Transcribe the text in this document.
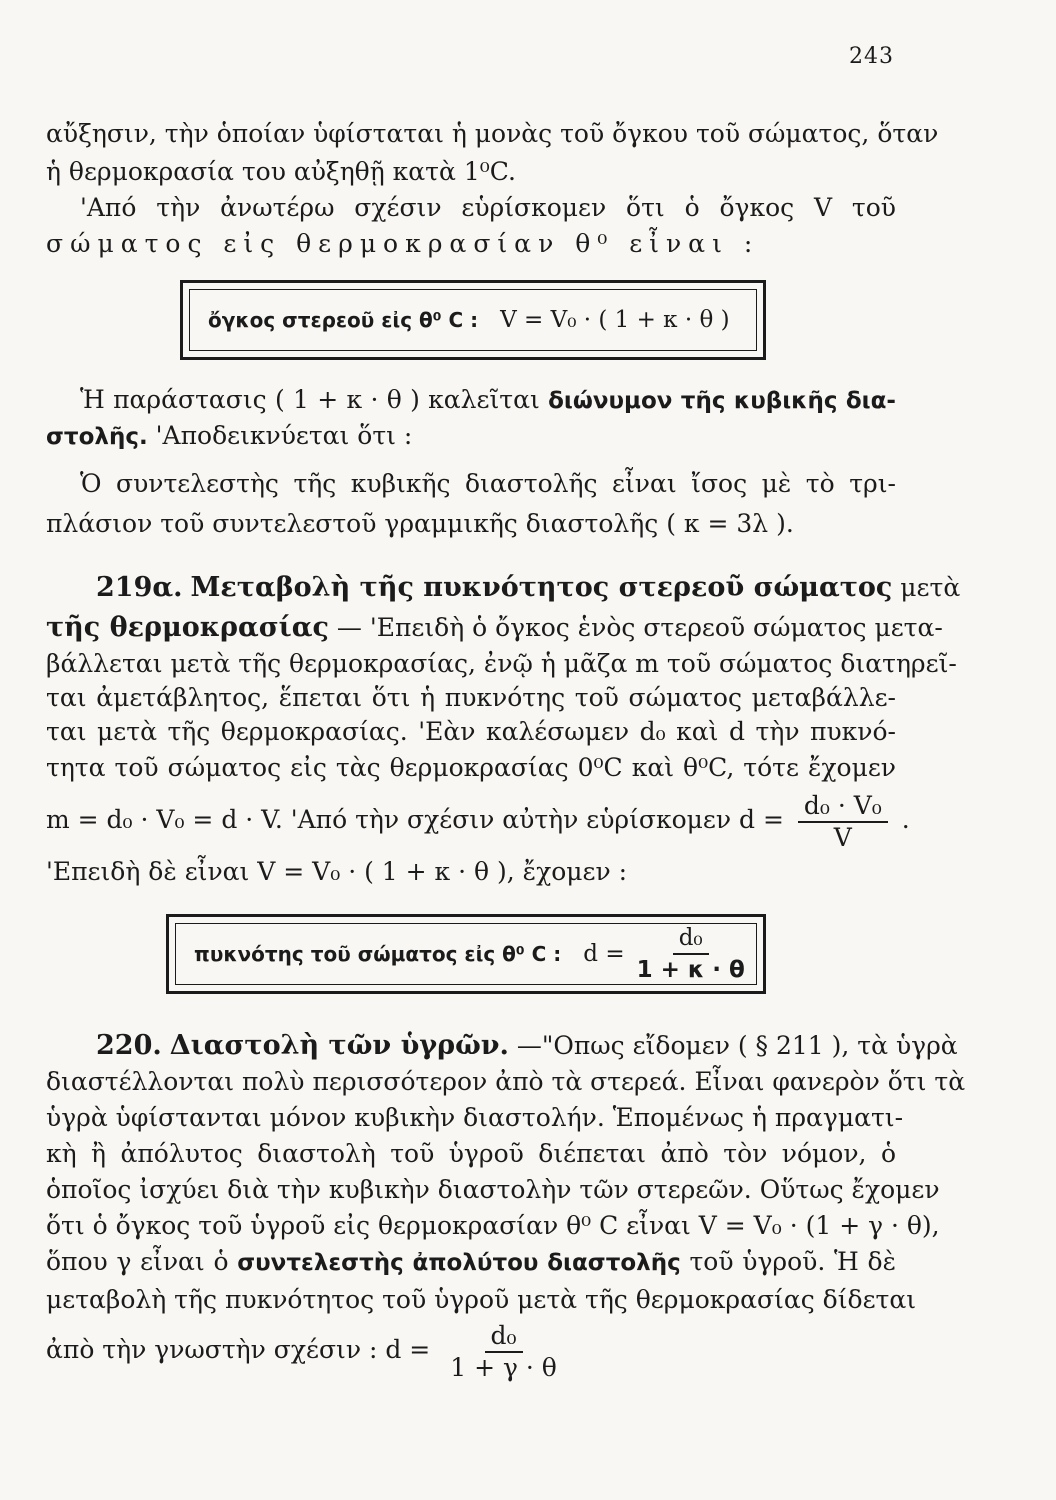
243
αὔξησιν, τὴν ὁποίαν ὑφίσταται ἡ μονὰς τοῦ ὄγκου τοῦ σώματος, ὅταν
ἡ θερμοκρασία του αὐξηθῇ κατὰ 1⁰C.
'Από τὴν ἀνωτέρω σχέσιν εὑρίσκομεν ὅτι ὁ ὄγκος V τοῦ
σώματος εἰς θερμοκρασίαν θ⁰ εἶναι :
ὄγκος στερεοῦ εἰς θ⁰ C : V = V₀ · ( 1 + κ · θ )
Ἡ παράστασις ( 1 + κ · θ ) καλεῖται διώνυμον τῆς κυβικῆς δια-
στολῆς. 'Αποδεικνύεται ὅτι :
Ὁ συντελεστὴς τῆς κυβικῆς διαστολῆς εἶναι ἴσος μὲ τὸ τρι-
πλάσιον τοῦ συντελεστοῦ γραμμικῆς διαστολῆς ( κ = 3λ ).
219α. Μεταβολὴ τῆς πυκνότητος στερεοῦ σώματος μετὰ
τῆς θερμοκρασίας — 'Επειδὴ ὁ ὄγκος ἑνὸς στερεοῦ σώματος μετα-
βάλλεται μετὰ τῆς θερμοκρασίας, ἐνῷ ἡ μᾶζα m τοῦ σώματος διατηρεῖ-
ται ἀμετάβλητος, ἕπεται ὅτι ἡ πυκνότης τοῦ σώματος μεταβάλλε-
ται μετὰ τῆς θερμοκρασίας. 'Εὰν καλέσωμεν d₀ καὶ d τὴν πυκνό-
τητα τοῦ σώματος εἰς τὰς θερμοκρασίας 0⁰C καὶ θ⁰C, τότε ἔχομεν
m = d₀ · V₀ = d · V. 'Από τὴν σχέσιν αὐτὴν εὑρίσκομεν $d = \frac{\text{d₀ · V₀}}{V}$ .
'Επειδὴ δὲ εἶναι V = V₀ · ( 1 + κ · θ ), ἔχομεν :
πυκνότης τοῦ σώματος εἰς θ⁰ C : $d = \frac{\text{d₀}}{1 + \kappa \cdot \theta}$
220. Διαστολὴ τῶν ὑγρῶν. —"Οπως εἴδομεν ( § 211 ), τὰ ὑγρὰ
διαστέλλονται πολὺ περισσότερον ἀπὸ τὰ στερεά. Εἶναι φανερὸν ὅτι τὰ
ὑγρὰ ὑφίστανται μόνον κυβικὴν διαστολήν. Ἑπομένως ἡ πραγματι-
κὴ ἢ ἀπόλυτος διαστολὴ τοῦ ὑγροῦ διέπεται ἀπὸ τὸν νόμον, ὁ
ὁποῖος ἰσχύει διὰ τὴν κυβικὴν διαστολὴν τῶν στερεῶν. Οὕτως ἔχομεν
ὅτι ὁ ὄγκος τοῦ ὑγροῦ εἰς θερμοκρασίαν θ⁰ C εἶναι V = V₀ · (1 + γ · θ),
ὅπου γ εἶναι ὁ συντελεστὴς ἀπολύτου διαστολῆς τοῦ ὑγροῦ. Ἡ δὲ
μεταβολὴ τῆς πυκνότητος τοῦ ὑγροῦ μετὰ τῆς θερμοκρασίας δίδεται
ἀπὸ τὴν γνωστὴν σχέσιν : $d = \frac{\text{d₀}}{1 + \gamma \cdot \theta}$
